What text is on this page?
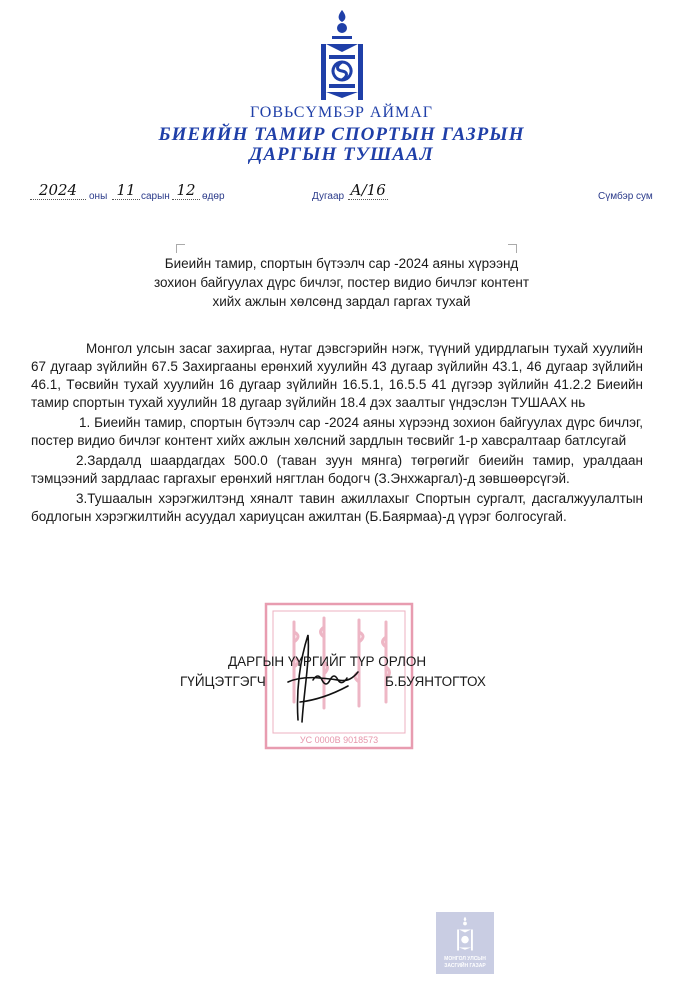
ГОВЬСҮМБЭР АЙМАГ
БИЕИЙН ТАМИР СПОРТЫН ГАЗРЫН
ДАРГЫН ТУШААЛ
2024	оны 11 сарын 12 өдөр	Дугаар А/16	Сүмбэр сум
Биеийн тамир, спортын бүтээлч сар -2024 аяны хүрээнд
зохион байгуулах дүрс бичлэг, постер видио бичлэг контент
хийх ажлын хөлсөнд зардал гаргах тухай

Монгол улсын засаг захиргаа, нутаг дэвсгэрийн нэгж, түүний удирдлагын тухай хуулийн 67 дугаар зүйлийн 67.5 Захиргааны ерөнхий хуулийн 43 дугаар зүйлийн 43.1, 46 дугаар зүйлийн 46.1, Төсвийн тухай хуулийн 16 дугаар зүйлийн 16.5.1, 16.5.5 41 дүгээр зүйлийн 41.2.2 Биеийн тамир спортын тухай хуулийн 18 дугаар зүйлийн 18.4 дэх заалтыг үндэслэн ТУШААХ нь

1. Биеийн тамир, спортын бүтээлч сар -2024 аяны хүрээнд зохион байгуулах дүрс бичлэг, постер видио бичлэг контент хийх ажлын хөлсний зардлын төсвийг 1-р хавсралтаар батлсугай

2.Зардалд шаардагдах 500.0 (таван зуун мянга) төгрөгийг биеийн тамир, уралдаан тэмцээний зардлаас гаргахыг ерөнхий нягтлан бодогч (З.Энхжаргал)-д зөвшөөрсүгэй.

3.Тушаалын хэрэгжилтэнд хяналт тавин ажиллахыг Спортын сургалт, дасгалжуулалтын бодлогын хэрэгжилтийн асуудал хариуцсан ажилтан (Б.Баярмаа)-д үүрэг болгосугай.

УС 0000В 9018573
ДАРГЫН ҮҮРГИЙГ ТҮР ОРЛОН
ГҮЙЦЭТГЭГЧ	Б.БУЯНТОГТОХ
МОНГОЛ УЛСЫН
ЗАСГИЙН ГАЗАР
